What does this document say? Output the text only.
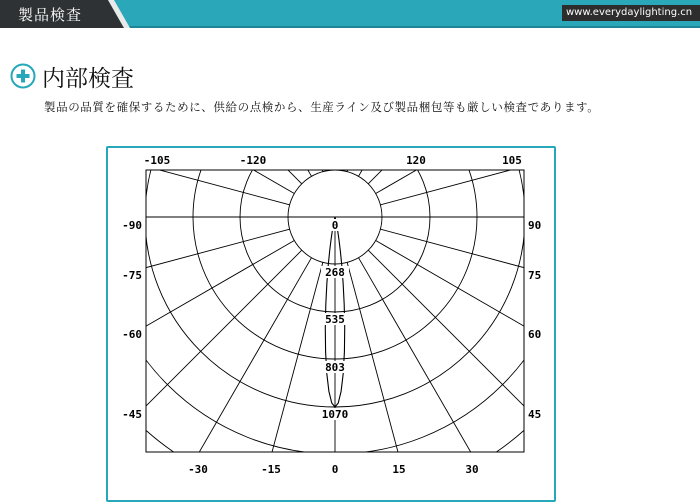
製品検査	www.everydaylighting.cn
内部検査
製品の品質を確保するために、供給の点検から、生産ライン及び製品梱包等も厳しい検査であります。
-105	-120	120	105
-90
-75
-60
-45
90
75
60
45
-30	-15	0	15	30
0
268
535
803
1070
